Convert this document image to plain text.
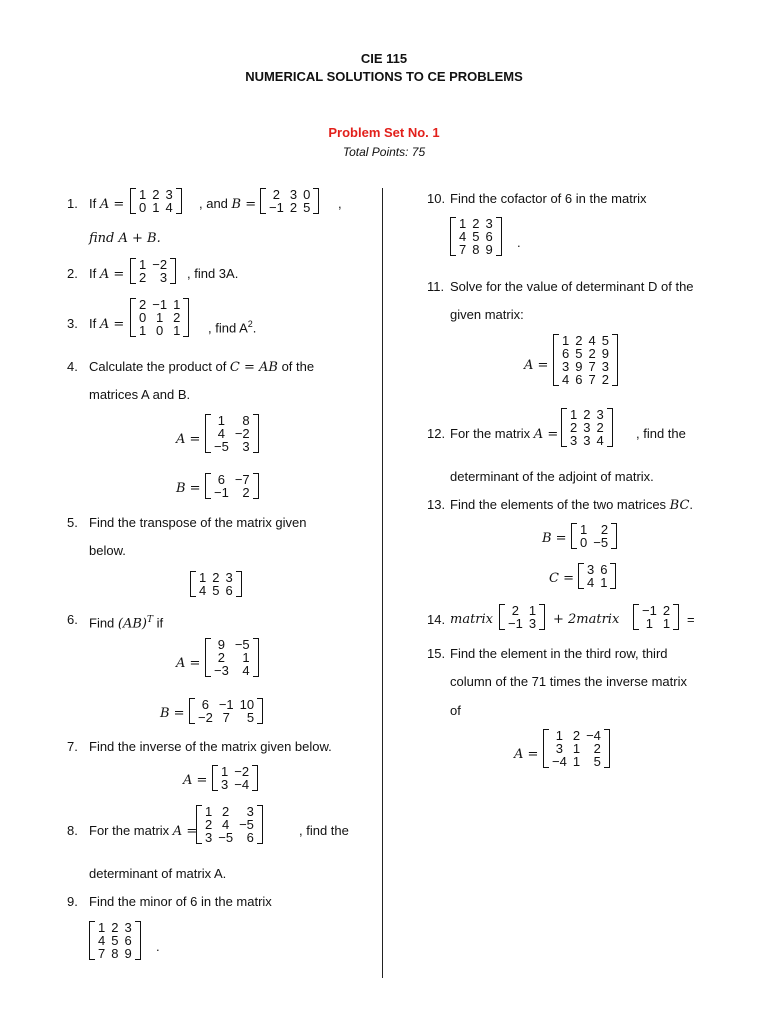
CIE 115
NUMERICAL SOLUTIONS TO CE PROBLEMS
Problem Set No. 1
Total Points: 75
1. If A =
1	2	3
0	1	4 , and B =
2	3	0
−1	2	5 ,
find A + B.
2. If A =
1	−2
2	3 , find 3A.
3. If A =
2	−1	1
0	1	2
1	0	1 , find $A^2$.
4. Calculate the product of C = AB of the
matrices A and B.
A =
1	8
4	−2
−5	3
B =
6	−7
−1	2
5. Find the transpose of the matrix given
below.
1	2	3
4	5	6
6. Find (AB)$^T$ if
A =
9	−5
2	1
−3	4
B =
6	−1	10
−2	7	5
7. Find the inverse of the matrix given below.
A =
1	−2
3	−4
8. For the matrix A =
1	2	3
2	4	−5
3	−5	6	, find the
determinant of matrix A.
9. Find the minor of 6 in the matrix
1	2	3
4	5	6
7	8	9 .
10. Find the cofactor of 6 in the matrix
1	2	3
4	5	6
7	8	9 .
11. Solve for the value of determinant D of the
given matrix:
A =
1	2	4	5
6	5	2	9
3	9	7	3
4	6	7	2
12. For the matrix A =
1	2	3
2	3	2
3	3	4 , find the
determinant of the adjoint of matrix.
13. Find the elements of the two matrices BC.
B =
1	2
0	−5
C =
3	6
4	1
14. matrix
2	1
−1	3 + 2matrix
−1	2
1	1 =
15. Find the element in the third row, third
column of the 71 times the inverse matrix
of
A =
1	2	−4
3	1	2
−4	1	5
